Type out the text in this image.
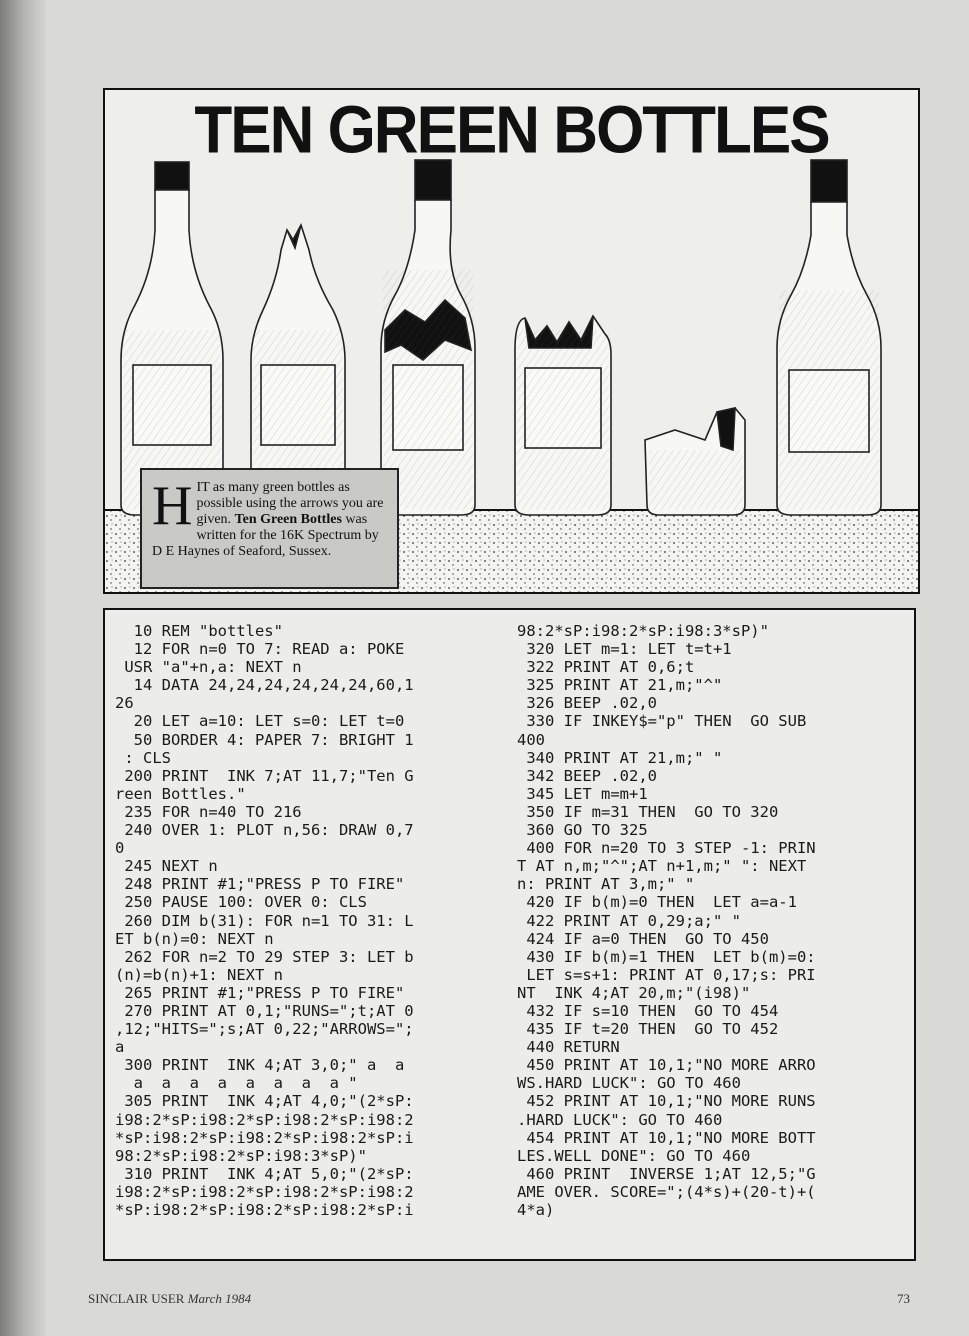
TEN GREEN BOTTLES
H IT as many green bottles as possible using the arrows you are given. Ten Green Bottles was written for the 16K Spectrum by D E Haynes of Seaford, Sussex.
10 REM "bottles"
12 FOR n=0 TO 7: READ a: POKE
USR "a"+n,a: NEXT n
14 DATA 24,24,24,24,24,24,60,1
26
20 LET a=10: LET s=0: LET t=0
50 BORDER 4: PAPER 7: BRIGHT 1
: CLS
200 PRINT  INK 7;AT 11,7;"Ten G
reen Bottles."
235 FOR n=40 TO 216
240 OVER 1: PLOT n,56: DRAW 0,7
0
245 NEXT n
248 PRINT #1;"PRESS P TO FIRE"
250 PAUSE 100: OVER 0: CLS
260 DIM b(31): FOR n=1 TO 31: L
ET b(n)=0: NEXT n
262 FOR n=2 TO 29 STEP 3: LET b
(n)=b(n)+1: NEXT n
265 PRINT #1;"PRESS P TO FIRE"
270 PRINT AT 0,1;"RUNS=";t;AT 0
,12;"HITS=";s;AT 0,22;"ARROWS=";
a
300 PRINT  INK 4;AT 3,0;" a  a
a  a  a  a  a  a  a  a "
305 PRINT  INK 4;AT 4,0;"(2*sP:
i98:2*sP:i98:2*sP:i98:2*sP:i98:2
*sP:i98:2*sP:i98:2*sP:i98:2*sP:i
98:2*sP:i98:2*sP:i98:3*sP)"
310 PRINT  INK 4;AT 5,0;"(2*sP:
i98:2*sP:i98:2*sP:i98:2*sP:i98:2
*sP:i98:2*sP:i98:2*sP:i98:2*sP:i
98:2*sP:i98:2*sP:i98:3*sP)"
320 LET m=1: LET t=t+1
322 PRINT AT 0,6;t
325 PRINT AT 21,m;"^"
326 BEEP .02,0
330 IF INKEY$="p" THEN  GO SUB
400
340 PRINT AT 21,m;" "
342 BEEP .02,0
345 LET m=m+1
350 IF m=31 THEN  GO TO 320
360 GO TO 325
400 FOR n=20 TO 3 STEP -1: PRIN
T AT n,m;"^";AT n+1,m;" ": NEXT
n: PRINT AT 3,m;" "
420 IF b(m)=0 THEN  LET a=a-1
422 PRINT AT 0,29;a;" "
424 IF a=0 THEN  GO TO 450
430 IF b(m)=1 THEN  LET b(m)=0:
LET s=s+1: PRINT AT 0,17;s: PRI
NT  INK 4;AT 20,m;"(i98)"
432 IF s=10 THEN  GO TO 454
435 IF t=20 THEN  GO TO 452
440 RETURN
450 PRINT AT 10,1;"NO MORE ARRO
WS.HARD LUCK": GO TO 460
452 PRINT AT 10,1;"NO MORE RUNS
.HARD LUCK": GO TO 460
454 PRINT AT 10,1;"NO MORE BOTT
LES.WELL DONE": GO TO 460
460 PRINT  INVERSE 1;AT 12,5;"G
AME OVER. SCORE=";(4*s)+(20-t)+(
4*a)
SINCLAIR USER March 1984	73
